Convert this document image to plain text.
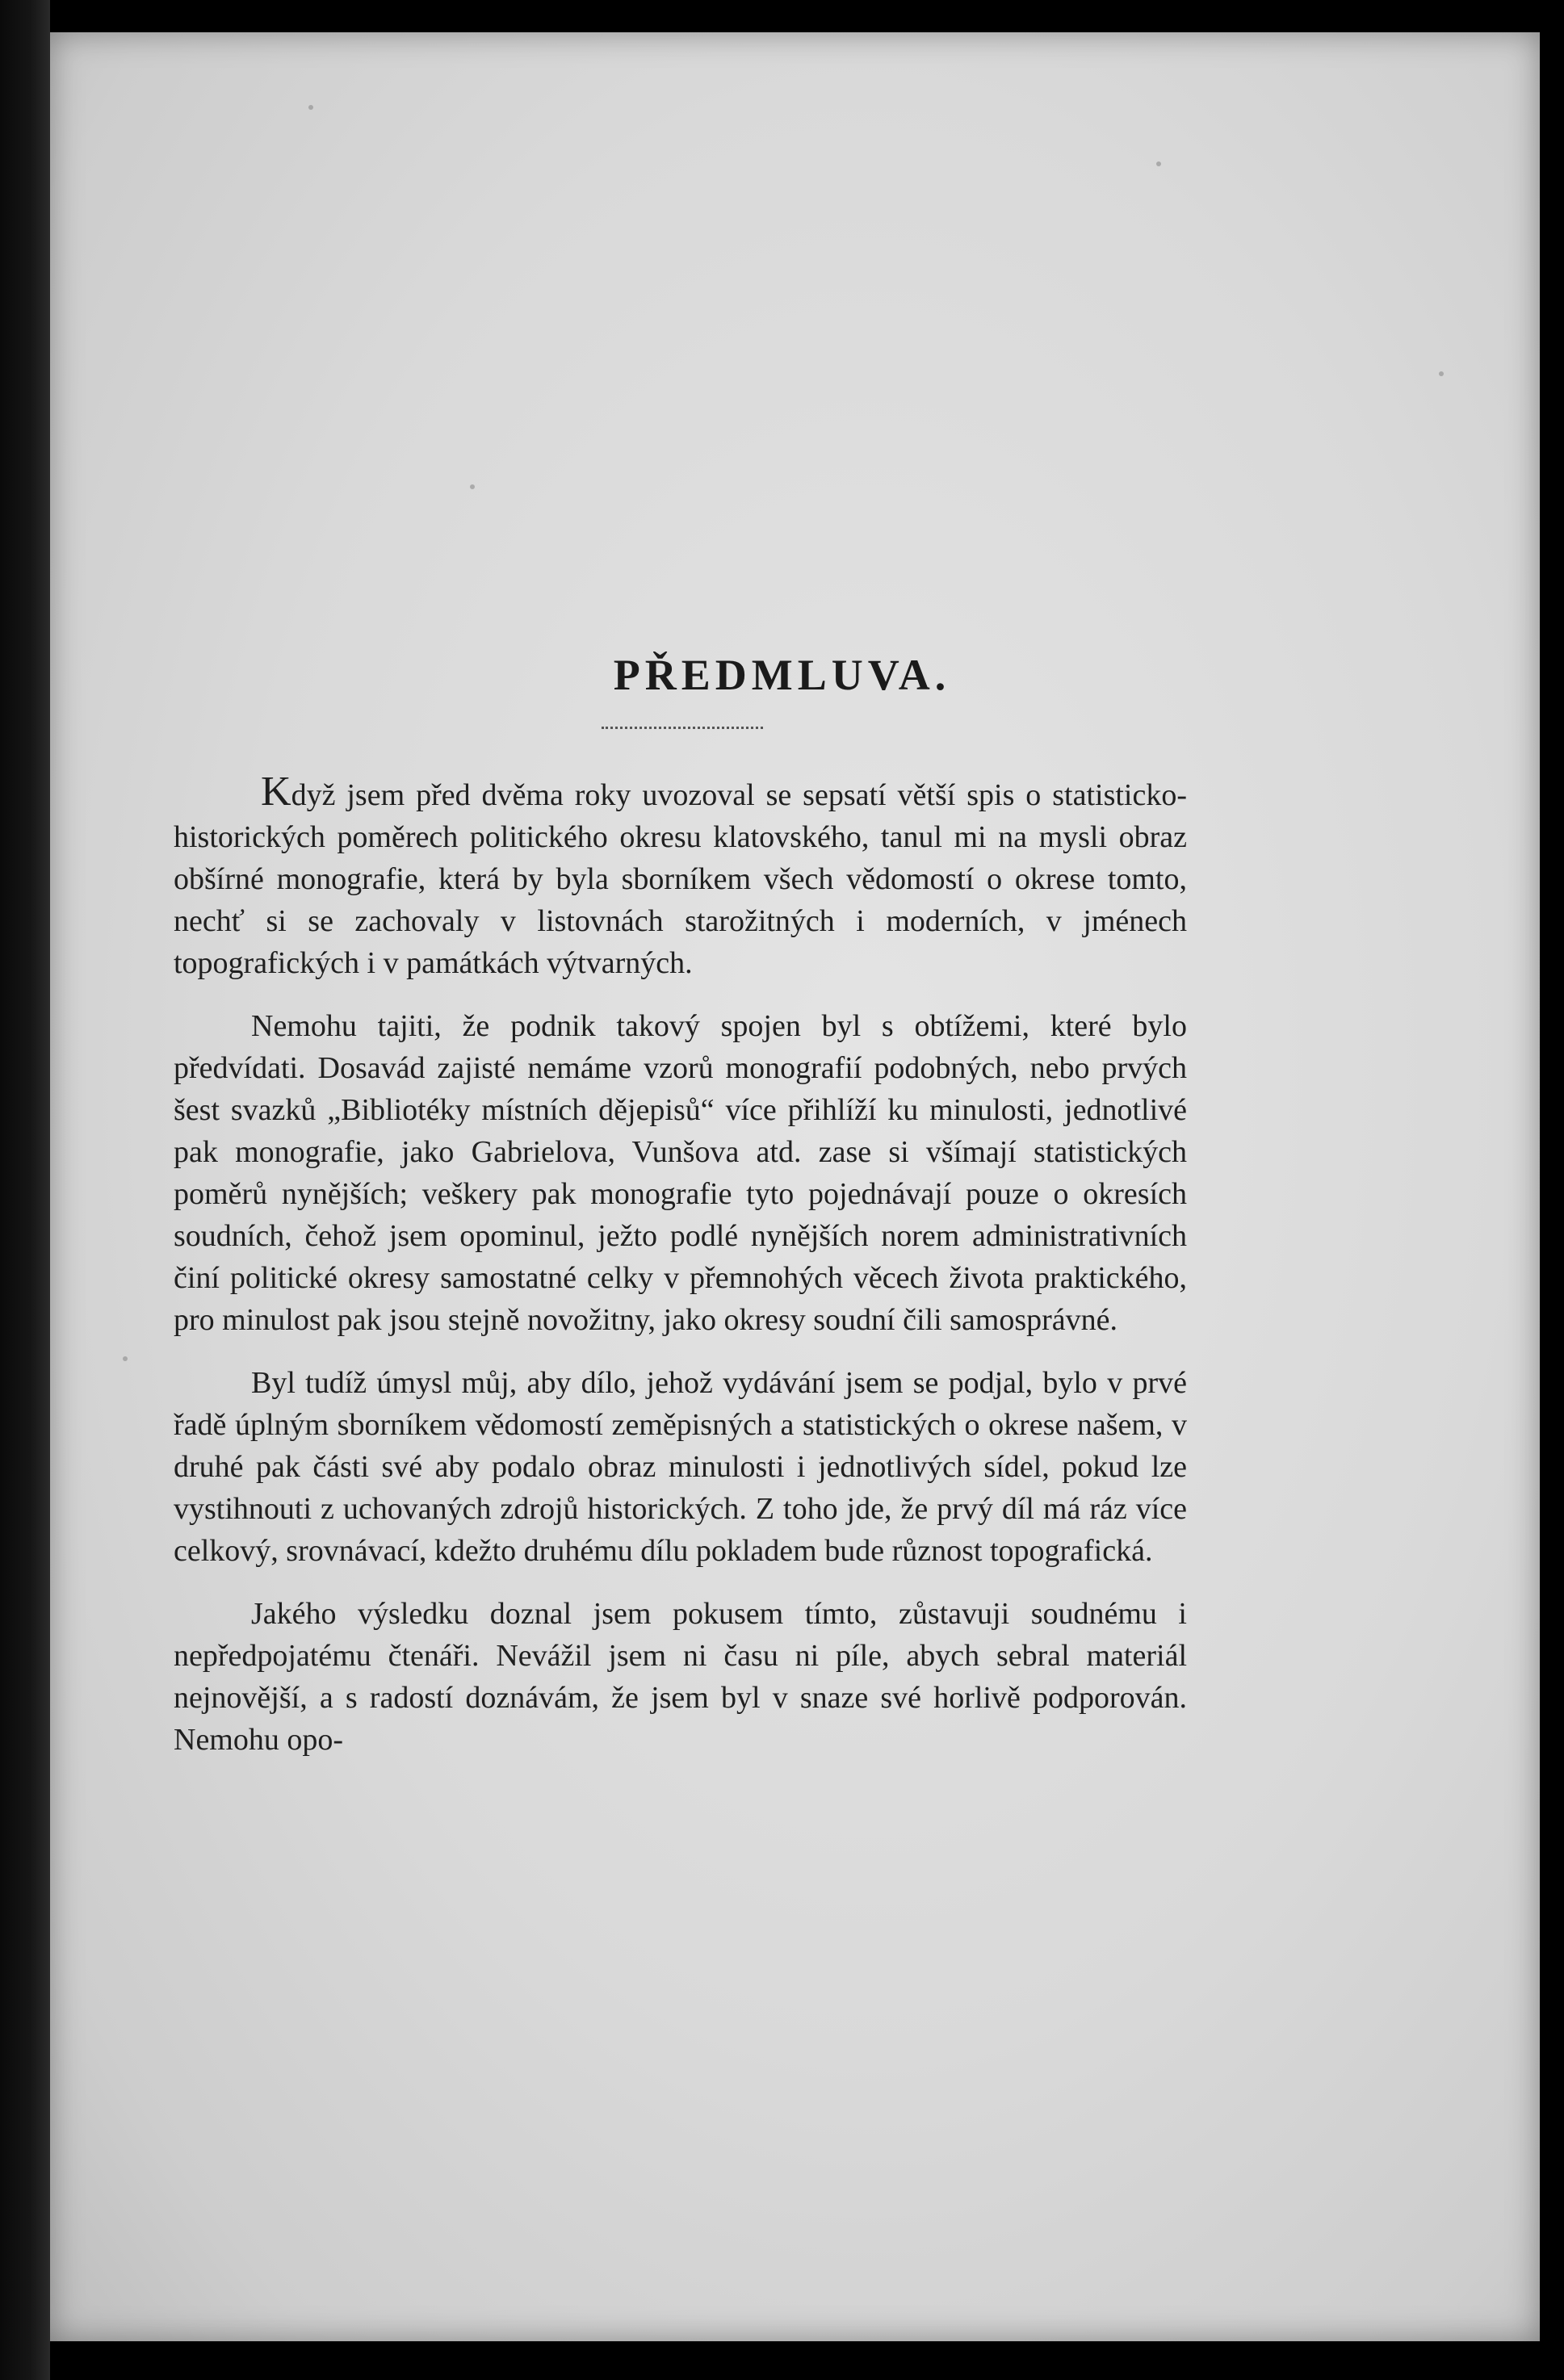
PŘEDMLUVA.

Když jsem před dvěma roky uvozoval se sepsatí větší spis o statisticko-historických poměrech politického okresu klatovského, tanul mi na mysli obraz obšírné monografie, která by byla sborníkem všech vědomostí o okrese tomto, nechť si se zachovaly v listovnách starožitných i moderních, v jménech topografických i v památkách výtvarných.

Nemohu tajiti, že podnik takový spojen byl s obtížemi, které bylo předvídati. Dosavád zajisté nemáme vzorů monografií podobných, nebo prvých šest svazků „Bibliotéky místních dějepisů“ více přihlíží ku minulosti, jednotlivé pak monografie, jako Gabrielova, Vunšova atd. zase si všímají statistických poměrů nynějších; veškery pak monografie tyto pojednávají pouze o okresích soudních, čehož jsem opominul, ježto podlé nynějších norem administrativních činí politické okresy samostatné celky v přemnohých věcech života praktického, pro minulost pak jsou stejně novožitny, jako okresy soudní čili samosprávné.

Byl tudíž úmysl můj, aby dílo, jehož vydávání jsem se podjal, bylo v prvé řadě úplným sborníkem vědomostí zeměpisných a statistických o okrese našem, v druhé pak části své aby podalo obraz minulosti i jednotlivých sídel, pokud lze vystihnouti z uchovaných zdrojů historických. Z toho jde, že prvý díl má ráz více celkový, srovnávací, kdežto druhému dílu pokladem bude různost topografická.

Jakého výsledku doznal jsem pokusem tímto, zůstavuji soudnému i nepředpojatému čtenáři. Nevážil jsem ni času ni píle, abych sebral materiál nejnovější, a s radostí doznávám, že jsem byl v snaze své horlivě podporován. Nemohu opo-
